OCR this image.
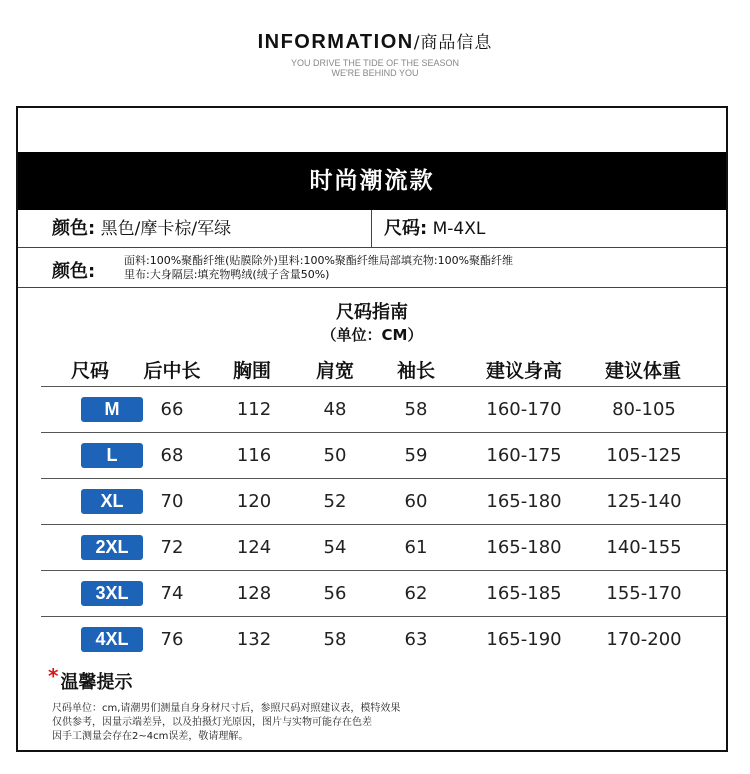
INFORMATION/商品信息
YOU DRIVE THE TIDE OF THE SEASON
WE'RE BEHIND YOU
时尚潮流款
颜色: 黑色/摩卡棕/军绿	尺码: M-4XL
颜色:
面料:100%聚酯纤维(贴膜除外)里料:100%聚酯纤维局部填充物:100%聚酯纤维
里布:大身隔层:填充物鸭绒(绒子含量50%)
尺码指南
（单位：CM）
尺码	后中长	胸围	肩宽	袖长	建议身高	建议体重
M	66	112	48	58	160-170	80-105
L	68	116	50	59	160-175	105-125
XL	70	120	52	60	165-180	125-140
2XL	72	124	54	61	165-180	140-155
3XL	74	128	56	62	165-185	155-170
4XL	76	132	58	63	165-190	170-200
* 温馨提示
尺码单位：cm,请潮男们测量自身身材尺寸后，参照尺码对照建议表，模特效果
仅供参考，因量示端差异，以及拍摄灯光原因，图片与实物可能存在色差
因手工测量会存在2~4cm误差，敬请理解。
